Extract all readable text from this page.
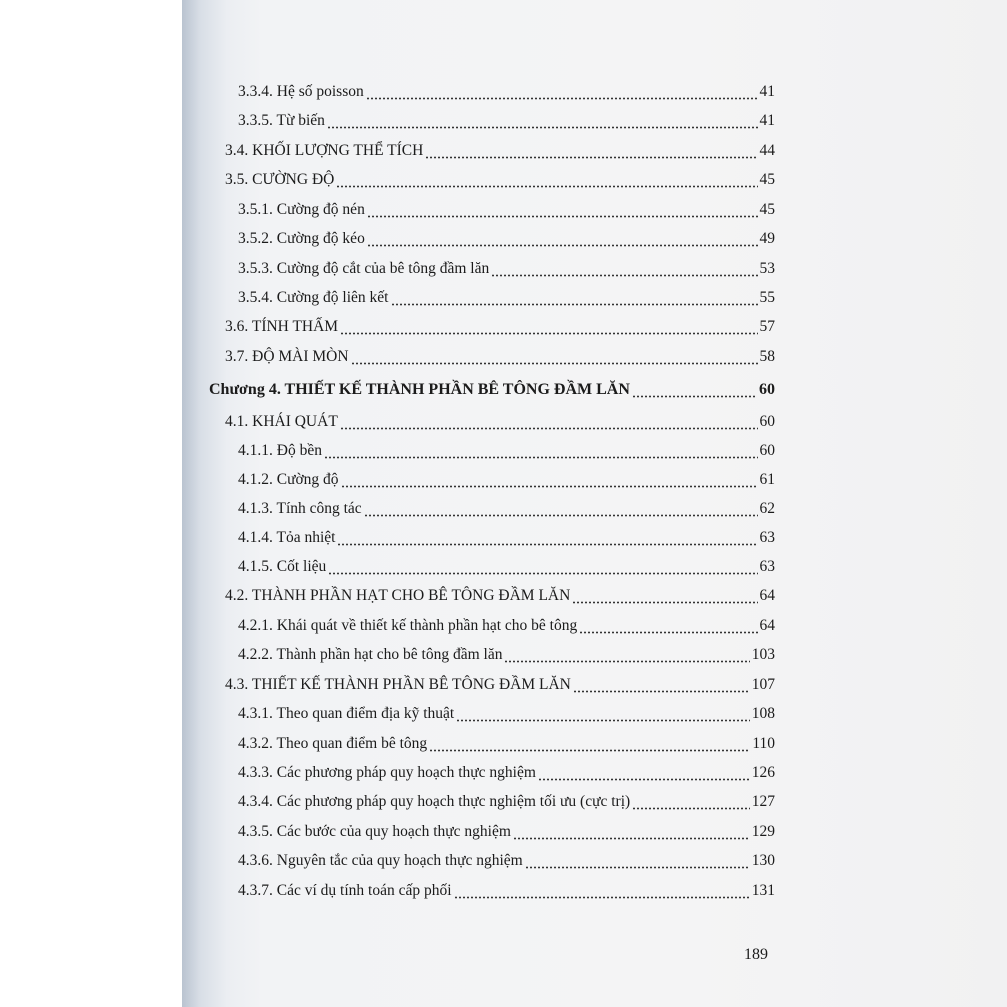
3.3.4. Hệ số poisson	41
3.3.5. Từ biến	41
3.4. KHỐI LƯỢNG THỂ TÍCH	44
3.5. CƯỜNG ĐỘ	45
3.5.1. Cường độ nén	45
3.5.2. Cường độ kéo	49
3.5.3. Cường độ cắt của bê tông đầm lăn	53
3.5.4. Cường độ liên kết	55
3.6. TÍNH THẤM	57
3.7. ĐỘ MÀI MÒN	58
Chương 4. THIẾT KẾ THÀNH PHẦN BÊ TÔNG ĐẦM LĂN	60
4.1. KHÁI QUÁT	60
4.1.1. Độ bền	60
4.1.2. Cường độ	61
4.1.3. Tính công tác	62
4.1.4. Tỏa nhiệt	63
4.1.5. Cốt liệu	63
4.2. THÀNH PHẦN HẠT CHO BÊ TÔNG ĐẦM LĂN	64
4.2.1. Khái quát về thiết kế thành phần hạt cho bê tông	64
4.2.2. Thành phần hạt cho bê tông đầm lăn	103
4.3. THIẾT KẾ THÀNH PHẦN BÊ TÔNG ĐẦM LĂN	107
4.3.1. Theo quan điểm địa kỹ thuật	108
4.3.2. Theo quan điểm bê tông	110
4.3.3. Các phương pháp quy hoạch thực nghiệm	126
4.3.4. Các phương pháp quy hoạch thực nghiệm tối ưu (cực trị)	127
4.3.5. Các bước của quy hoạch thực nghiệm	129
4.3.6. Nguyên tắc của quy hoạch thực nghiệm	130
4.3.7. Các ví dụ tính toán cấp phối	131
189
